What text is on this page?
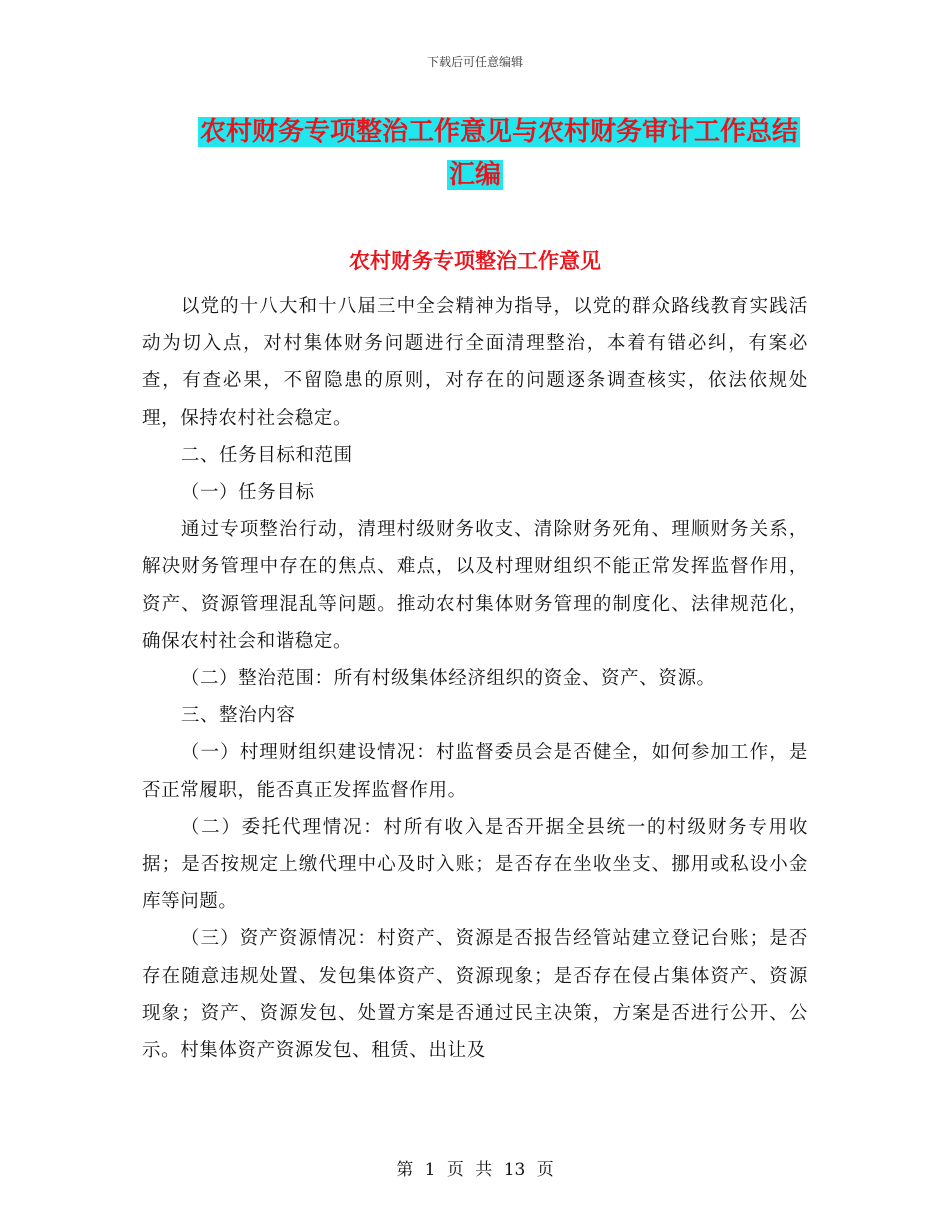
下载后可任意编辑
农村财务专项整治工作意见与农村财务审计工作总结
汇编
农村财务专项整治工作意见

以党的十八大和十八届三中全会精神为指导，以党的群众路线教育实践活动为切入点，对村集体财务问题进行全面清理整治，本着有错必纠，有案必查，有查必果，不留隐患的原则，对存在的问题逐条调查核实，依法依规处理，保持农村社会稳定。

二、任务目标和范围

（一）任务目标

通过专项整治行动，清理村级财务收支、清除财务死角、理顺财务关系，解决财务管理中存在的焦点、难点，以及村理财组织不能正常发挥监督作用，资产、资源管理混乱等问题。推动农村集体财务管理的制度化、法律规范化，确保农村社会和谐稳定。

（二）整治范围：所有村级集体经济组织的资金、资产、资源。

三、整治内容

（一）村理财组织建设情况：村监督委员会是否健全，如何参加工作，是否正常履职，能否真正发挥监督作用。

（二）委托代理情况：村所有收入是否开据全县统一的村级财务专用收据；是否按规定上缴代理中心及时入账；是否存在坐收坐支、挪用或私设小金库等问题。

（三）资产资源情况：村资产、资源是否报告经管站建立登记台账；是否存在随意违规处置、发包集体资产、资源现象；是否存在侵占集体资产、资源现象；资产、资源发包、处置方案是否通过民主决策，方案是否进行公开、公示。村集体资产资源发包、租赁、出让及

第 1 页 共 13 页
